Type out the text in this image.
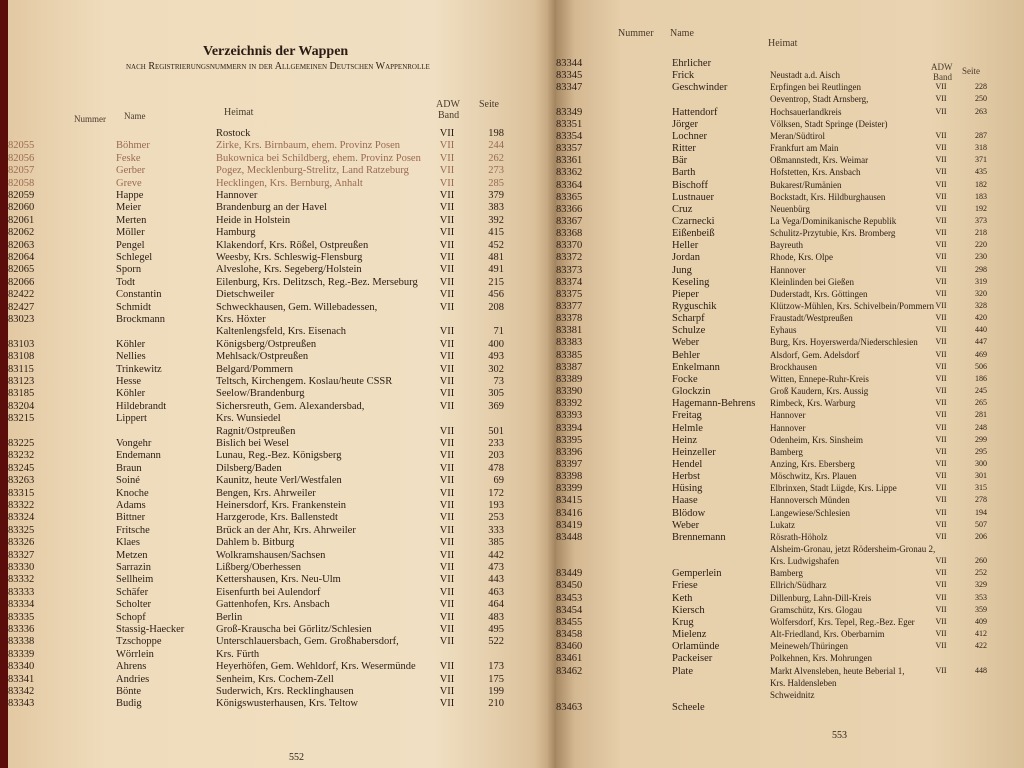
Verzeichnis der Wappen
nach Registrierungsnummern in der Allgemeinen Deutschen Wappenrolle
Nummer Name	Heimat
ADW
Band
Seite
Rostock	VII	198
82055	Böhmer	Zirke, Krs. Birnbaum, ehem. Provinz Posen	VII	244
82056	Feske	Bukownica bei Schildberg, ehem. Provinz Posen	VII	262
82057	Gerber	Pogez, Mecklenburg-Strelitz, Land Ratzeburg	VII	273
82058	Greve	Hecklingen, Krs. Bernburg, Anhalt	VII	285
82059	Happe	Hannover	VII	379
82060	Meier	Brandenburg an der Havel	VII	383
82061	Merten	Heide in Holstein	VII	392
82062	Möller	Hamburg	VII	415
82063	Pengel	Klakendorf, Krs. Rößel, Ostpreußen	VII	452
82064	Schlegel	Weesby, Krs. Schleswig-Flensburg	VII	481
82065	Sporn	Alveslohe, Krs. Segeberg/Holstein	VII	491
82066	Todt	Eilenburg, Krs. Delitzsch, Reg.-Bez. Merseburg	VII	215
82422	Constantin	Dietschweiler	VII	456
82427	Schmidt	Schweckhausen, Gem. Willebadessen,	VII	208
83023	Brockmann	Krs. Höxter
Kaltenlengsfeld, Krs. Eisenach	VII	71
83103	Köhler	Königsberg/Ostpreußen	VII	400
83108	Nellies	Mehlsack/Ostpreußen	VII	493
83115	Trinkewitz	Belgard/Pommern	VII	302
83123	Hesse	Teltsch, Kirchengem. Koslau/heute CSSR	VII	73
83185	Köhler	Seelow/Brandenburg	VII	305
83204	Hildebrandt	Sichersreuth, Gem. Alexandersbad,	VII	369
83215	Lippert	Krs. Wunsiedel
Ragnit/Ostpreußen	VII	501
83225	Vongehr	Bislich bei Wesel	VII	233
83232	Endemann	Lunau, Reg.-Bez. Königsberg	VII	203
83245	Braun	Dilsberg/Baden	VII	478
83263	Soiné	Kaunitz, heute Verl/Westfalen	VII	69
83315	Knoche	Bengen, Krs. Ahrweiler	VII	172
83322	Adams	Heinersdorf, Krs. Frankenstein	VII	193
83324	Bittner	Harzgerode, Krs. Ballenstedt	VII	253
83325	Fritsche	Brück an der Ahr, Krs. Ahrweiler	VII	333
83326	Klaes	Dahlem b. Bitburg	VII	385
83327	Metzen	Wolkramshausen/Sachsen	VII	442
83330	Sarrazin	Lißberg/Oberhessen	VII	473
83332	Sellheim	Kettershausen, Krs. Neu-Ulm	VII	443
83333	Schäfer	Eisenfurth bei Aulendorf	VII	463
83334	Scholter	Gattenhofen, Krs. Ansbach	VII	464
83335	Schopf	Berlin	VII	483
83336	Stassig-Haecker	Groß-Krauscha bei Görlitz/Schlesien	VII	495
83338	Tzschoppe	Unterschlauersbach, Gem. Großhabersdorf,	VII	522
83339	Wörrlein	Krs. Fürth
83340	Ahrens	Heyerhöfen, Gem. Wehldorf, Krs. Wesermünde	VII	173
83341	Andries	Senheim, Krs. Cochem-Zell	VII	175
83342	Bönte	Suderwich, Krs. Recklinghausen	VII	199
83343	Budig	Königswusterhausen, Krs. Teltow	VII	210
552
Nummer Name
Heimat
ADW
Band
Seite
83344	Ehrlicher
83345	Frick	Neustadt a.d. Aisch
83347	Geschwinder	Erpfingen bei Reutlingen	VII	228
Oeventrop, Stadt Arnsberg,	VII	250
83349	Hattendorf	Hochsauerlandkreis	VII	263
83351	Jörger	Völksen, Stadt Springe (Deister)
83354	Lochner	Meran/Südtirol	VII	287
83357	Ritter	Frankfurt am Main	VII	318
83361	Bär	Oßmannstedt, Krs. Weimar	VII	371
83362	Barth	Hofstetten, Krs. Ansbach	VII	435
83364	Bischoff	Bukarest/Rumänien	VII	182
83365	Lustnauer	Bockstadt, Krs. Hildburghausen	VII	183
83366	Cruz	Neuenbürg	VII	192
83367	Czarnecki	La Vega/Dominikanische Republik	VII	373
83368	Eißenbeiß	Schulitz-Przytubie, Krs. Bromberg	VII	218
83370	Heller	Bayreuth	VII	220
83372	Jordan	Rhode, Krs. Olpe	VII	230
83373	Jung	Hannover	VII	298
83374	Keseling	Kleinlinden bei Gießen	VII	319
83375	Pieper	Duderstadt, Krs. Göttingen	VII	320
83377	Ryguschik	Klützow-Mühlen, Krs. Schivelbein/Pommern VII	328
83378	Scharpf	Fraustadt/Westpreußen	VII	420
83381	Schulze	Eyhaus	VII	440
83383	Weber	Burg, Krs. Hoyerswerda/Niederschlesien	VII	447
83385	Behler	Alsdorf, Gem. Adelsdorf	VII	469
83387	Enkelmann	Brockhausen	VII	506
83389	Focke	Witten, Ennepe-Ruhr-Kreis	VII	186
83390	Glockzin	Groß Kaudern, Krs. Aussig	VII	245
83392	Hagemann-Behrens	Rimbeck, Krs. Warburg	VII	265
83393	Freitag	Hannover	VII	281
83394	Helmle	Hannover	VII	248
83395	Heinz	Odenheim, Krs. Sinsheim	VII	299
83396	Heinzeller	Bamberg	VII	295
83397	Hendel	Anzing, Krs. Ebersberg	VII	300
83398	Herbst	Möschwitz, Krs. Plauen	VII	301
83399	Hüsing	Elbrinxen, Stadt Lügde, Krs. Lippe	VII	315
83415	Haase	Hannoversch Münden	VII	278
83416	Blödow	Langewiese/Schlesien	VII	194
83419	Weber	Lukatz	VII	507
83448	Brennemann	Rösrath-Höholz	VII	206
Alsheim-Gronau, jetzt Rödersheim-Gronau 2,
Krs. Ludwigshafen	VII	260
83449	Gemperlein	Bamberg	VII	252
83450	Friese	Ellrich/Südharz	VII	329
83453	Keth	Dillenburg, Lahn-Dill-Kreis	VII	353
83454	Kiersch	Gramschütz, Krs. Glogau	VII	359
83455	Krug	Wolfersdorf, Krs. Tepel, Reg.-Bez. Eger	VII	409
83458	Mielenz	Alt-Friedland, Krs. Oberbarnim	VII	412
83460	Orlamünde	Meineweh/Thüringen	VII	422
83461	Packeiser	Polkehnen, Krs. Mohrungen
83462	Plate	Markt Alvensleben, heute Beberial 1,	VII	448
Krs. Haldensleben
Schweidnitz
83463	Scheele
553
